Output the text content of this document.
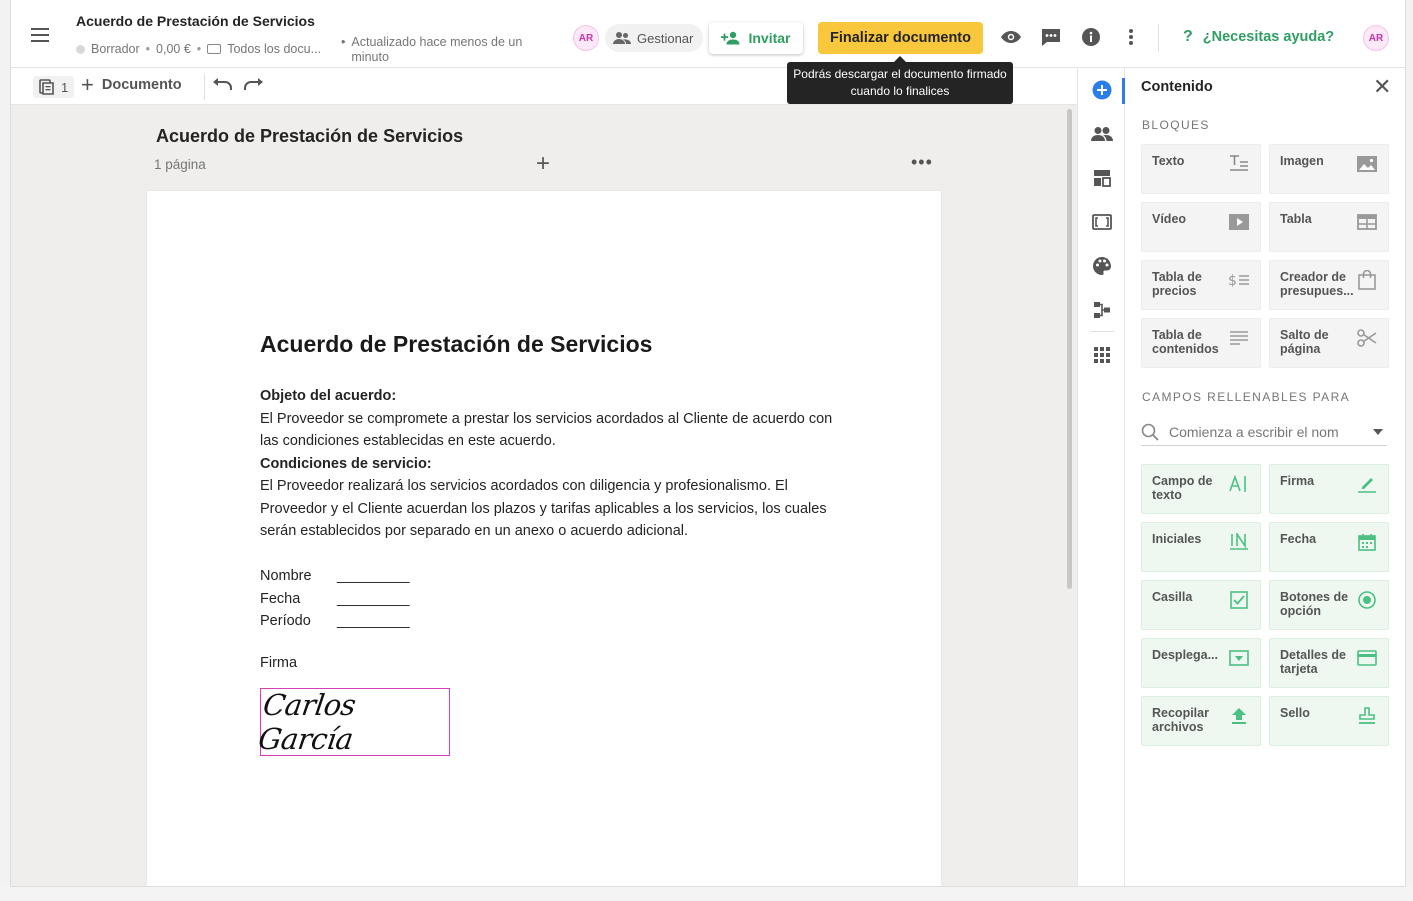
Acuerdo de Prestación de Servicios
Borrador • 0,00 € • Todos los docu... • Actualizado hace menos de un minuto
AR	Gestionar	Invitar	Finalizar documento	? ¿Necesitas ayuda?	AR
1 + Documento
Podrás descargar el documento firmado cuando lo finalices
Acuerdo de Prestación de Servicios
1 página	+	•••
Acuerdo de Prestación de Servicios
Objeto del acuerdo:
El Proveedor se compromete a prestar los servicios acordados al Cliente de acuerdo con las condiciones establecidas en este acuerdo.
Condiciones de servicio:
El Proveedor realizará los servicios acordados con diligencia y profesionalismo. El Proveedor y el Cliente acuerdan los plazos y tarifas aplicables a los servicios, los cuales serán establecidos por separado en un anexo o acuerdo adicional.
Nombre	_________
Fecha	_________
Período	_________
Firma
Carlos García
Contenido	✕
BLOQUES
Texto	Imagen
Vídeo	Tabla
Tabla de precios
$	Creador de presupues...
Tabla de contenidos
Salto de página
CAMPOS RELLENABLES PARA
Comienza a escribir el nom
Campo de texto
Firma
Iniciales	Fecha
Casilla	Botones de opción
Desplega...	Detalles de tarjeta
Recopilar archivos
Sello
